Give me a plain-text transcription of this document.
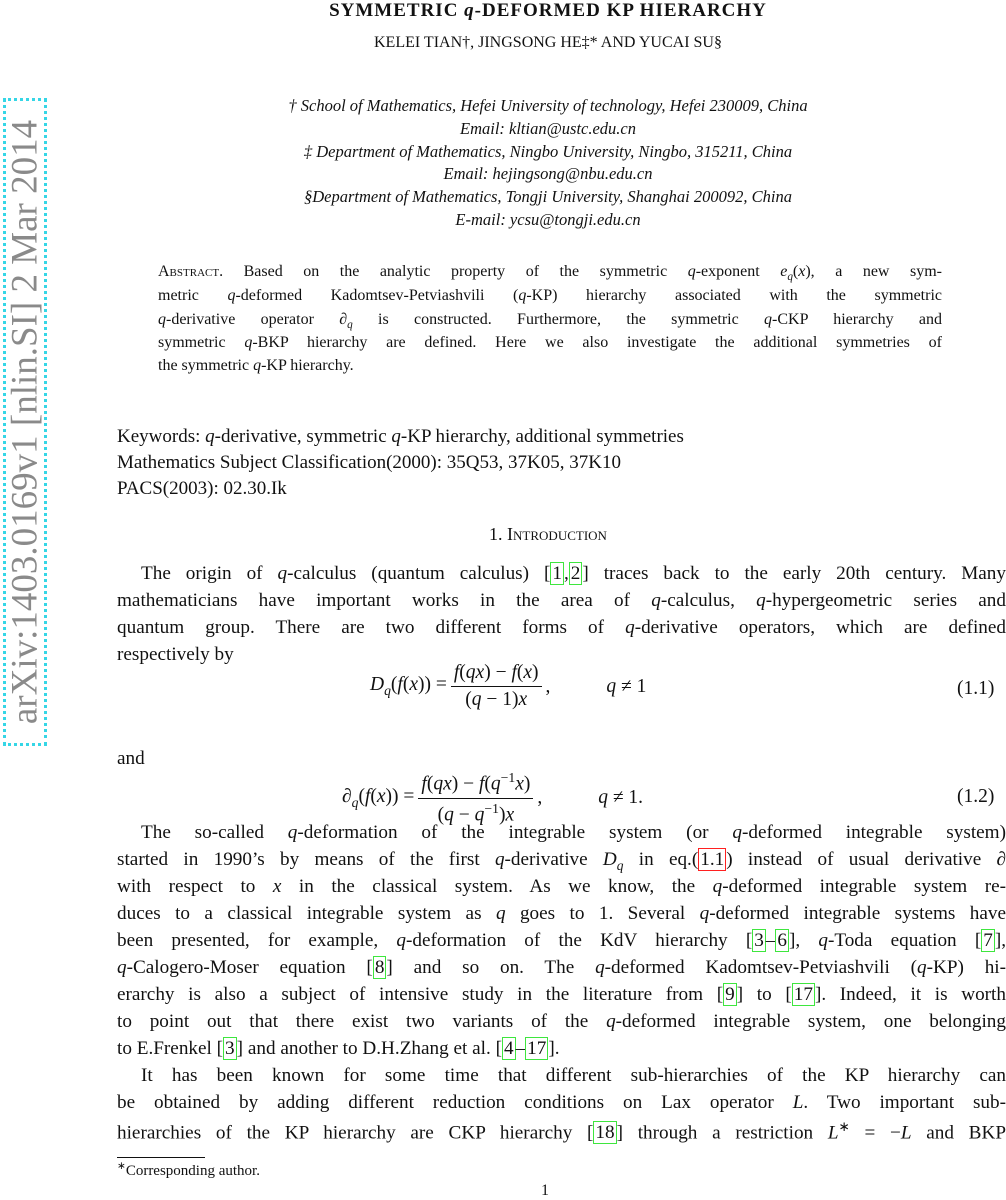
arXiv:1403.0169v1 [nlin.SI] 2 Mar 2014
SYMMETRIC q-DEFORMED KP HIERARCHY
KELEI TIAN†, JINGSONG HE‡* AND YUCAI SU§
† School of Mathematics, Hefei University of technology, Hefei 230009, China
Email: kltian@ustc.edu.cn
‡ Department of Mathematics, Ningbo University, Ningbo, 315211, China
Email: hejingsong@nbu.edu.cn
§Department of Mathematics, Tongji University, Shanghai 200092, China
E-mail: ycsu@tongji.edu.cn
Abstract. Based on the analytic property of the symmetric q-exponent $e_q(x)$, a new sym-
metric q-deformed Kadomtsev-Petviashvili (q-KP) hierarchy associated with the symmetric
q-derivative operator $\partial_q$ is constructed. Furthermore, the symmetric q-CKP hierarchy and
symmetric q-BKP hierarchy are defined. Here we also investigate the additional symmetries of
the symmetric q-KP hierarchy.
Keywords: q-derivative, symmetric q-KP hierarchy, additional symmetries
Mathematics Subject Classification(2000): 35Q53, 37K05, 37K10
PACS(2003): 02.30.Ik
1. Introduction
The origin of q-calculus (quantum calculus) [ 1 , 2 ] traces back to the early 20th century. Many
mathematicians have important works in the area of q-calculus, q-hypergeometric series and
quantum group. There are two different forms of q-derivative operators, which are defined
respectively by
$D_q(f(x)) = \frac{f(qx) - f(x)}{(q - 1)x}$ ,	q ≠ 1	(1.1)
and
$\partial_q(f(x)) = \frac{f(qx) - f(q^{-1}x)}{(q - q^{-1})x}$ ,	q ≠ 1.	(1.2)
The so-called q-deformation of the integrable system (or q-deformed integrable system)
started in 1990’s by means of the first q-derivative $D_q$ in eq.( 1.1 ) instead of usual derivative ∂
with respect to x in the classical system. As we know, the q-deformed integrable system re-
duces to a classical integrable system as q goes to 1. Several q-deformed integrable systems have
been presented, for example, q-deformation of the KdV hierarchy [ 3 – 6 ], q-Toda equation [ 7 ],
q-Calogero-Moser equation [ 8 ] and so on. The q-deformed Kadomtsev-Petviashvili (q-KP) hi-
erarchy is also a subject of intensive study in the literature from [ 9 ] to [ 17 ]. Indeed, it is worth
to point out that there exist two variants of the q-deformed integrable system, one belonging
to E.Frenkel [ 3 ] and another to D.H.Zhang et al. [ 4 – 17 ].
It has been known for some time that different sub-hierarchies of the KP hierarchy can
be obtained by adding different reduction conditions on Lax operator L. Two important sub-
hierarchies of the KP hierarchy are CKP hierarchy [ 18 ] through a restriction L∗ = −L and BKP
∗Corresponding author.
1
